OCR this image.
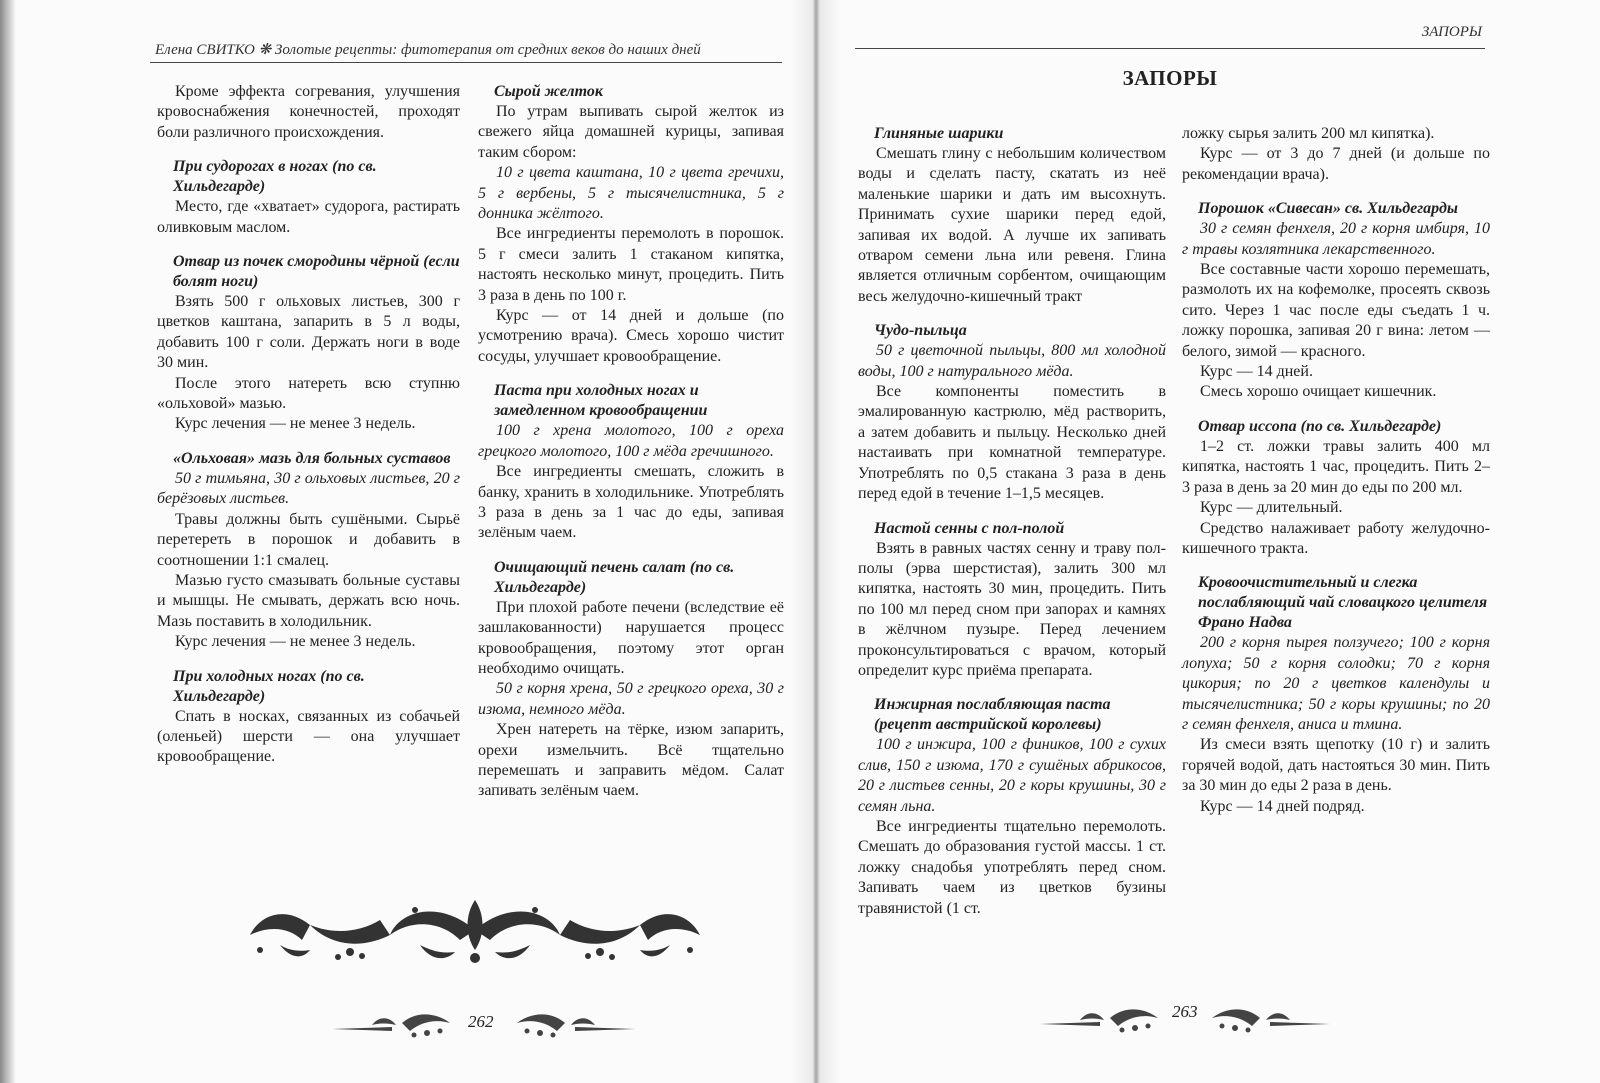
Елена СВИТКО ❋ Золотые рецепты: фитотерапия от средних веков до наших дней

Кроме эффекта согревания, улучшения кровоснабжения конечностей, проходят боли различного происхождения.

При судорогах в ногах (по св. Хильдегарде)

Место, где «хватает» судорога, растирать оливковым маслом.

Отвар из почек смородины чёрной (если болят ноги)

Взять 500 г ольховых листьев, 300 г цветков каштана, запарить в 5 л воды, добавить 100 г соли. Держать ноги в воде 30 мин.

После этого натереть всю ступню «ольховой» мазью.

Курс лечения — не менее 3 недель.

«Ольховая» мазь для больных суставов

50 г тимьяна, 30 г ольховых листьев, 20 г берёзовых листьев.

Травы должны быть сушёными. Сырьё перетереть в порошок и добавить в соотношении 1:1 смалец.

Мазью густо смазывать больные суставы и мышцы. Не смывать, держать всю ночь. Мазь поставить в холодильник.

Курс лечения — не менее 3 недель.

При холодных ногах (по св. Хильдегарде)

Спать в носках, связанных из собачьей (оленьей) шерсти — она улучшает кровообращение.

Сырой желток

По утрам выпивать сырой желток из свежего яйца домашней курицы, запивая таким сбором:

10 г цвета каштана, 10 г цвета гречихи, 5 г вербены, 5 г тысячелистника, 5 г донника жёлтого.

Все ингредиенты перемолоть в порошок. 5 г смеси залить 1 стаканом кипятка, настоять несколько минут, процедить. Пить 3 раза в день по 100 г.

Курс — от 14 дней и дольше (по усмотрению врача). Смесь хорошо чистит сосуды, улучшает кровообращение.

Паста при холодных ногах и замедленном кровообращении

100 г хрена молотого, 100 г ореха грецкого молотого, 100 г мёда гречишного.

Все ингредиенты смешать, сложить в банку, хранить в холодильнике. Употреблять 3 раза в день за 1 час до еды, запивая зелёным чаем.

Очищающий печень салат (по св. Хильдегарде)

При плохой работе печени (вследствие её зашлакованности) нарушается процесс кровообращения, поэтому этот орган необходимо очищать.

50 г корня хрена, 50 г грецкого ореха, 30 г изюма, немного мёда.

Хрен натереть на тёрке, изюм запарить, орехи измельчить. Всё тщательно перемешать и заправить мёдом. Салат запивать зелёным чаем.

262
ЗАПОРЫ
ЗАПОРЫ
Глиняные шарики

Смешать глину с небольшим количеством воды и сделать пасту, скатать из неё маленькие шарики и дать им высохнуть. Принимать сухие шарики перед едой, запивая их водой. А лучше их запивать отваром семени льна или ревеня. Глина является отличным сорбентом, очищающим весь желудочно-кишечный тракт

Чудо-пыльца

50 г цветочной пыльцы, 800 мл холодной воды, 100 г натурального мёда.

Все компоненты поместить в эмалированную кастрюлю, мёд растворить, а затем добавить и пыльцу. Несколько дней настаивать при комнатной температуре. Употреблять по 0,5 стакана 3 раза в день перед едой в течение 1–1,5 месяцев.

Настой сенны с пол-полой

Взять в равных частях сенну и траву пол-полы (эрва шерстистая), залить 300 мл кипятка, настоять 30 мин, процедить. Пить по 100 мл перед сном при запорах и камнях в жёлчном пузыре. Перед лечением проконсультироваться с врачом, который определит курс приёма препарата.

Инжирная послабляющая паста (рецепт австрийской королевы)

100 г инжира, 100 г фиников, 100 г сухих слив, 150 г изюма, 170 г сушёных абрикосов, 20 г листьев сенны, 20 г коры крушины, 30 г семян льна.

Все ингредиенты тщательно перемолоть. Смешать до образования густой массы. 1 ст. ложку снадобья употреблять перед сном. Запивать чаем из цветков бузины травянистой (1 ст.

ложку сырья залить 200 мл кипятка).

Курс — от 3 до 7 дней (и дольше по рекомендации врача).

Порошок «Сивесан» св. Хильдегарды

30 г семян фенхеля, 20 г корня имбиря, 10 г травы козлятника лекарственного.

Все составные части хорошо перемешать, размолоть их на кофемолке, просеять сквозь сито. Через 1 час после еды съедать 1 ч. ложку порошка, запивая 20 г вина: летом — белого, зимой — красного.

Курс — 14 дней.

Смесь хорошо очищает кишечник.

Отвар иссопа (по св. Хильдегарде)

1–2 ст. ложки травы залить 400 мл кипятка, настоять 1 час, процедить. Пить 2–3 раза в день за 20 мин до еды по 200 мл.

Курс — длительный.

Средство налаживает работу желудочно-кишечного тракта.

Кровоочистительный и слегка послабляющий чай словацкого целителя Франо Надва

200 г корня пырея ползучего; 100 г корня лопуха; 50 г корня солодки; 70 г корня цикория; по 20 г цветков календулы и тысячелистника; 50 г коры крушины; по 20 г семян фенхеля, аниса и тмина.

Из смеси взять щепотку (10 г) и залить горячей водой, дать настояться 30 мин. Пить за 30 мин до еды 2 раза в день.

Курс — 14 дней подряд.

263
